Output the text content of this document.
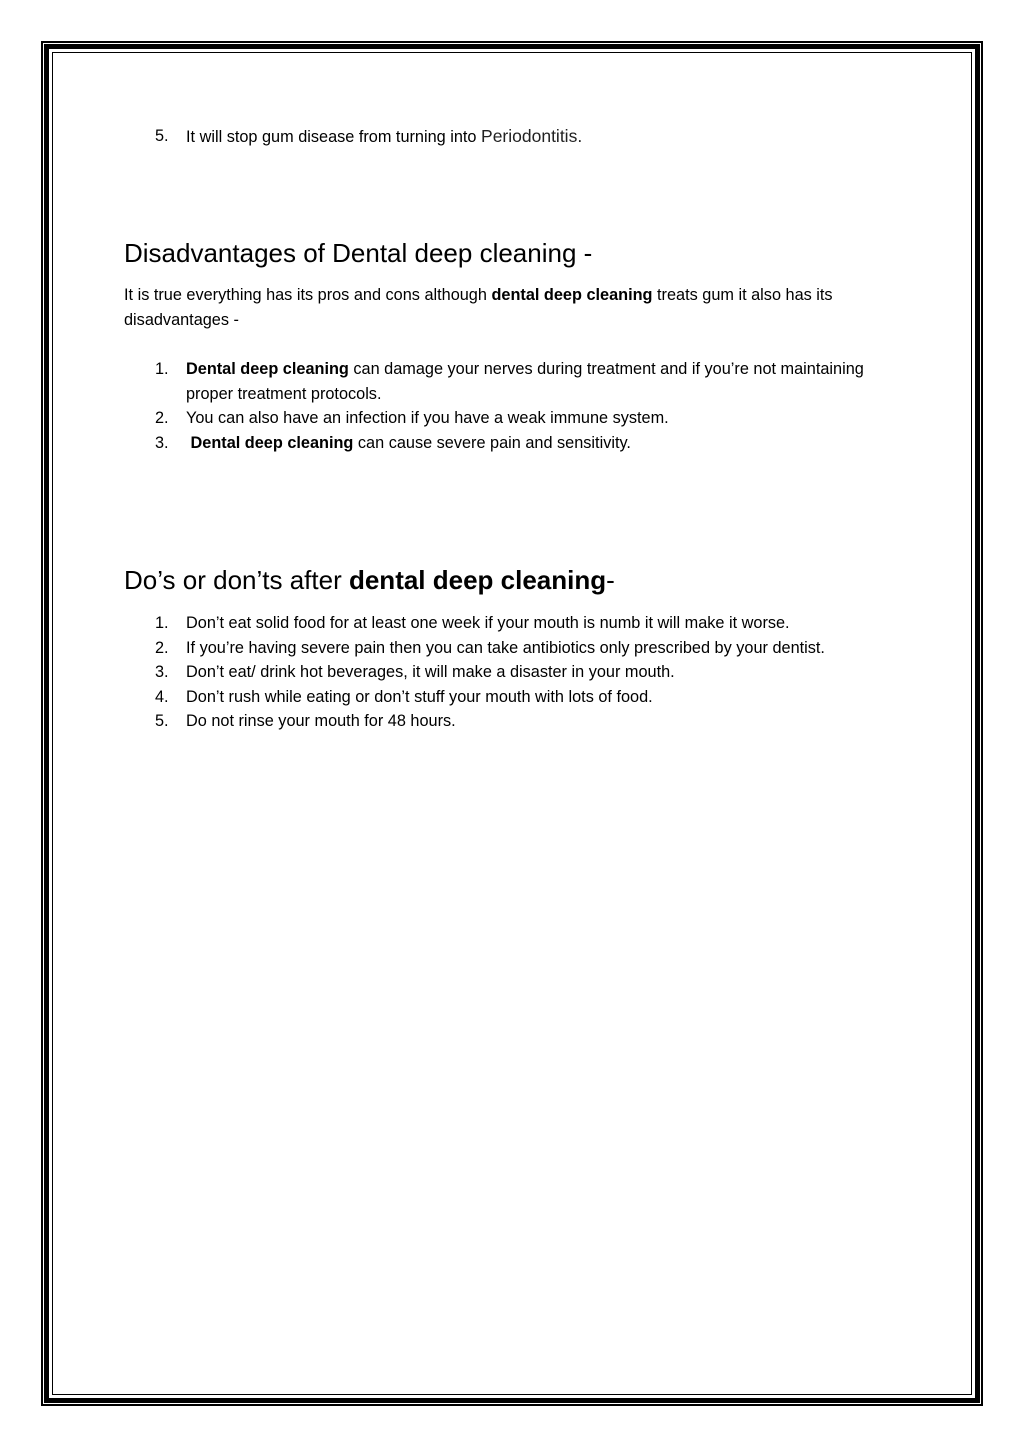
5. It will stop gum disease from turning into Periodontitis.
Disadvantages of Dental deep cleaning -

It is true everything has its pros and cons although dental deep cleaning treats gum it also has its disadvantages -

1. Dental deep cleaning can damage your nerves during treatment and if you’re not maintaining proper treatment protocols.
2. You can also have an infection if you have a weak immune system.
3. Dental deep cleaning can cause severe pain and sensitivity.
Do’s or don’ts after dental deep cleaning-
1. Don’t eat solid food for at least one week if your mouth is numb it will make it worse.
2. If you’re having severe pain then you can take antibiotics only prescribed by your dentist.
3. Don’t eat/ drink hot beverages, it will make a disaster in your mouth.
4. Don’t rush while eating or don’t stuff your mouth with lots of food.
5. Do not rinse your mouth for 48 hours.
